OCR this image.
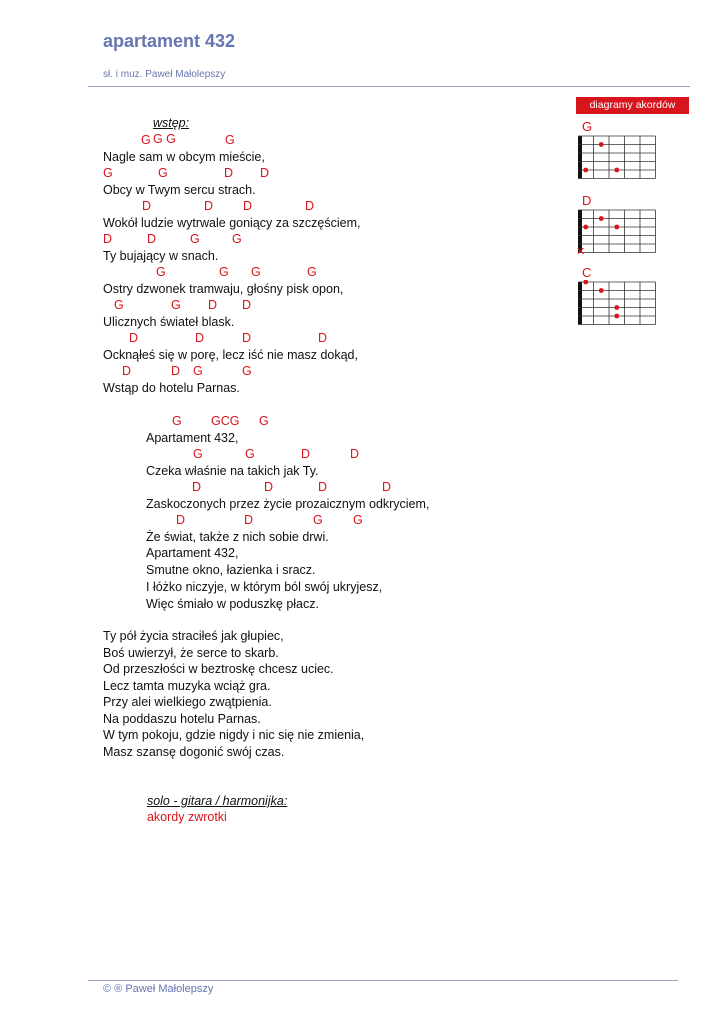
apartament 432
sł. i muz. Paweł Małolepszy

wstęp:
G G

G	G
Nagle sam w obcym mieście,
G	G	D D
Obcy w Twym sercu strach.
D	D D	D
Wokół ludzie wytrwale goniący za szczęściem,
D	D	G	G
Ty bujający w snach.
G	G G	G
Ostry dzwonek tramwaju, głośny pisk opon,
G	G D D
Ulicznych świateł blask.
D	D	D	D
Ocknąłeś się w porę, lecz iść nie masz dokąd,
D	D G	G
Wstąp do hotelu Parnas.
G GCG G
Apartament 432,
G	G	D	D
Czeka właśnie na takich jak Ty.
D	D	D	D
Zaskoczonych przez życie prozaicznym odkryciem,
D	D	G G
Że świat, także z nich sobie drwi.
Apartament 432,
Smutne okno, łazienka i sracz.
I łóżko niczyje, w którym ból swój ukryjesz,
Więc śmiało w poduszkę płacz.
Ty pół życia straciłeś jak głupiec,
Boś uwierzył, że serce to skarb.
Od przeszłości w beztroskę chcesz uciec.
Lecz tamta muzyka wciąż gra.
Przy alei wielkiego zwątpienia.
Na poddaszu hotelu Parnas.
W tym pokoju, gdzie nigdy i nic się nie zmienia,
Masz szansę dogonić swój czas.

solo - gitara / harmonijka:
akordy zwrotki

diagramy akordów
G
D
✕
C
© ® Paweł Małolepszy
